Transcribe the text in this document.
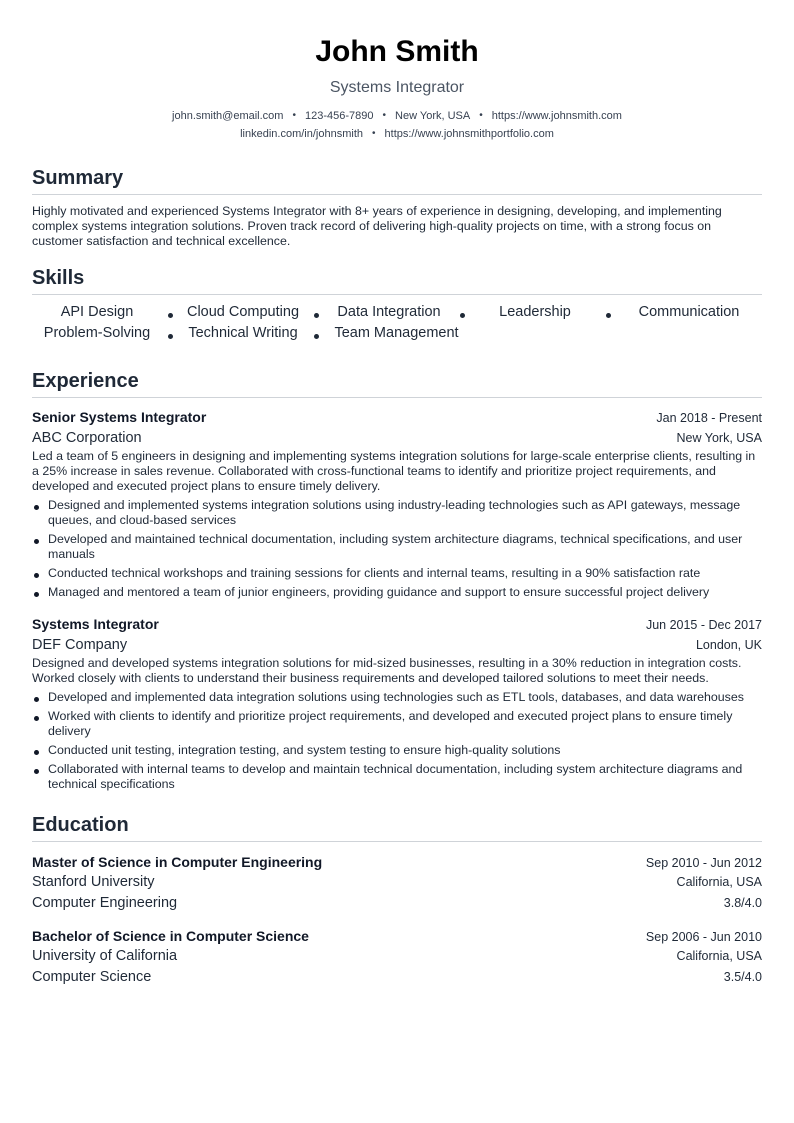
John Smith
Systems Integrator
john.smith@email.com • 123-456-7890 • New York, USA • https://www.johnsmith.com
linkedin.com/in/johnsmith • https://www.johnsmithportfolio.com
Summary

Highly motivated and experienced Systems Integrator with 8+ years of experience in designing, developing, and implementing complex systems integration solutions. Proven track record of delivering high-quality projects on time, with a strong focus on customer satisfaction and technical excellence.

Skills
API Design	Cloud Computing	Data Integration	Leadership	Communication
Problem-Solving	Technical Writing	Team Management
Experience
Senior Systems Integrator	Jan 2018 - Present
ABC Corporation	New York, USA

Led a team of 5 engineers in designing and implementing systems integration solutions for large-scale enterprise clients, resulting in a 25% increase in sales revenue. Collaborated with cross-functional teams to identify and prioritize project requirements, and developed and executed project plans to ensure timely delivery.

Designed and implemented systems integration solutions using industry-leading technologies such as API gateways, message queues, and cloud-based services
Developed and maintained technical documentation, including system architecture diagrams, technical specifications, and user manuals
Conducted technical workshops and training sessions for clients and internal teams, resulting in a 90% satisfaction rate
Managed and mentored a team of junior engineers, providing guidance and support to ensure successful project delivery
Systems Integrator	Jun 2015 - Dec 2017
DEF Company	London, UK

Designed and developed systems integration solutions for mid-sized businesses, resulting in a 30% reduction in integration costs. Worked closely with clients to understand their business requirements and developed tailored solutions to meet their needs.

Developed and implemented data integration solutions using technologies such as ETL tools, databases, and data warehouses
Worked with clients to identify and prioritize project requirements, and developed and executed project plans to ensure timely delivery
Conducted unit testing, integration testing, and system testing to ensure high-quality solutions
Collaborated with internal teams to develop and maintain technical documentation, including system architecture diagrams and technical specifications
Education
Master of Science in Computer Engineering	Sep 2010 - Jun 2012
Stanford University	California, USA
Computer Engineering	3.8/4.0
Bachelor of Science in Computer Science	Sep 2006 - Jun 2010
University of California	California, USA
Computer Science	3.5/4.0
